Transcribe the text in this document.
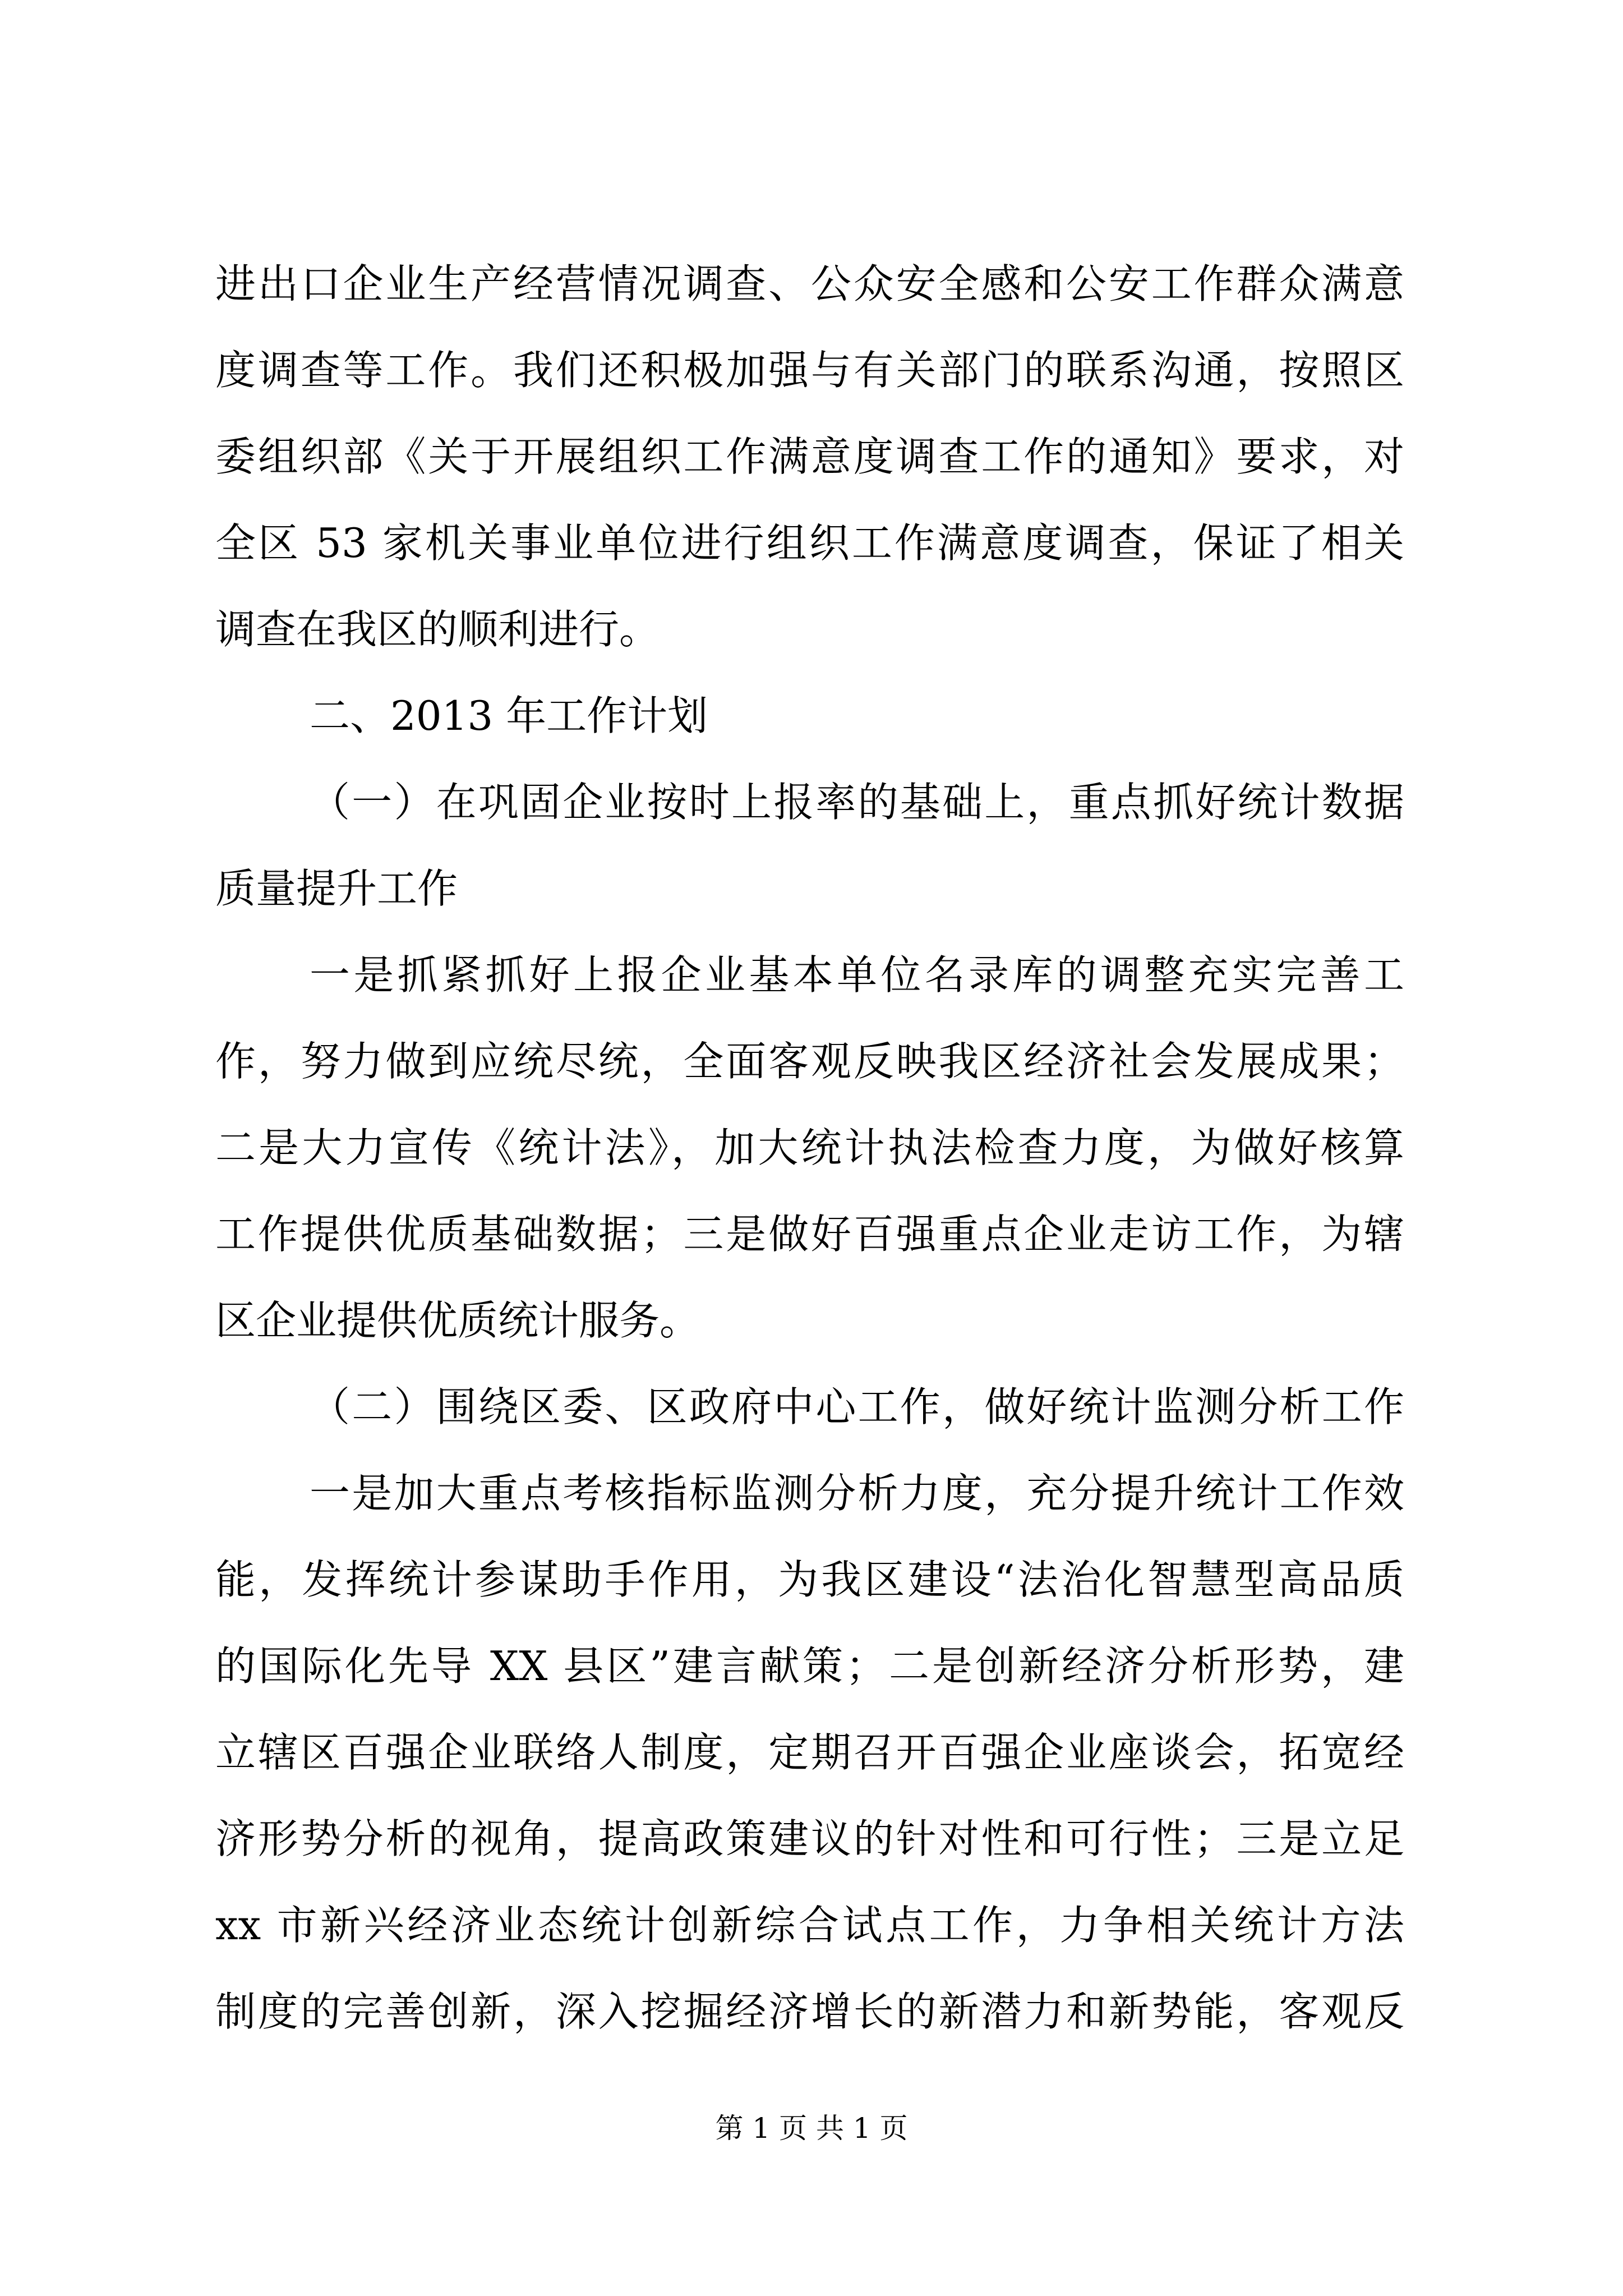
进出口企业生产经营情况调查、公众安全感和公安工作群众满意
度调查等工作。我们还积极加强与有关部门的联系沟通，按照区
委组织部《关于开展组织工作满意度调查工作的通知》要求，对
全区 53 家机关事业单位进行组织工作满意度调查，保证了相关
调查在我区的顺利进行。
二、2013 年工作计划
（一）在巩固企业按时上报率的基础上，重点抓好统计数据
质量提升工作
一是抓紧抓好上报企业基本单位名录库的调整充实完善工
作，努力做到应统尽统，全面客观反映我区经济社会发展成果；
二是大力宣传《统计法》，加大统计执法检查力度，为做好核算
工作提供优质基础数据；三是做好百强重点企业走访工作，为辖
区企业提供优质统计服务。
（二）围绕区委、区政府中心工作，做好统计监测分析工作
一是加大重点考核指标监测分析力度，充分提升统计工作效
能，发挥统计参谋助手作用，为我区建设“法治化智慧型高品质
的国际化先导 XX 县区”建言献策；二是创新经济分析形势，建
立辖区百强企业联络人制度，定期召开百强企业座谈会，拓宽经
济形势分析的视角，提高政策建议的针对性和可行性；三是立足
xx 市新兴经济业态统计创新综合试点工作，力争相关统计方法
制度的完善创新，深入挖掘经济增长的新潜力和新势能，客观反
第 1 页 共 1 页
